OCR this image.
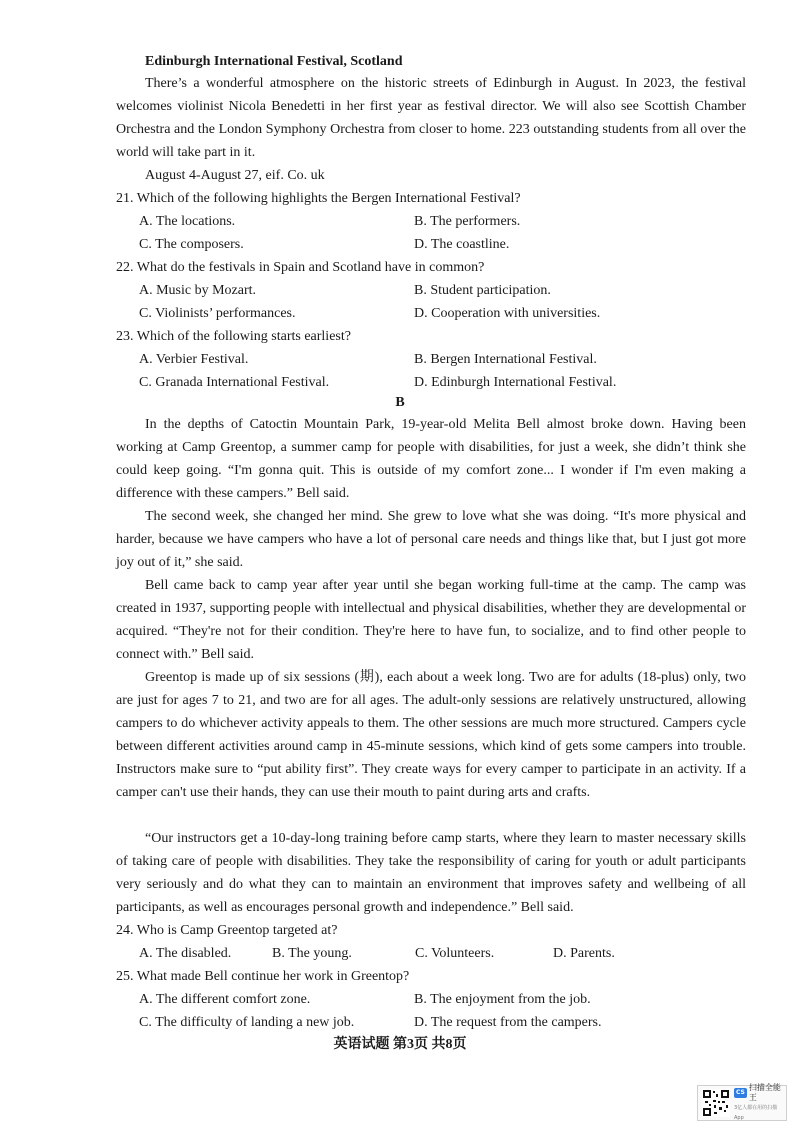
Edinburgh International Festival, Scotland
There’s a wonderful atmosphere on the historic streets of Edinburgh in August. In 2023, the festival welcomes violinist Nicola Benedetti in her first year as festival director. We will also see Scottish Chamber Orchestra and the London Symphony Orchestra from closer to home. 223 outstanding students from all over the world will take part in it.
August 4-August 27, eif. Co. uk
21. Which of the following highlights the Bergen International Festival?
A. The locations.	B. The performers.
C. The composers.	D. The coastline.
22. What do the festivals in Spain and Scotland have in common?
A. Music by Mozart.	B. Student participation.
C. Violinists’ performances.	D. Cooperation with universities.
23. Which of the following starts earliest?
A. Verbier Festival.	B. Bergen International Festival.
C. Granada International Festival.	D. Edinburgh International Festival.
B
In the depths of Catoctin Mountain Park, 19-year-old Melita Bell almost broke down. Having been working at Camp Greentop, a summer camp for people with disabilities, for just a week, she didn’t think she could keep going. “I'm gonna quit. This is outside of my comfort zone... I wonder if I'm even making a difference with these campers.” Bell said.
The second week, she changed her mind. She grew to love what she was doing. “It's more physical and harder, because we have campers who have a lot of personal care needs and things like that, but I just got more joy out of it,” she said.
Bell came back to camp year after year until she began working full-time at the camp. The camp was created in 1937, supporting people with intellectual and physical disabilities, whether they are developmental or acquired. “They're not for their condition. They're here to have fun, to socialize, and to find other people to connect with.” Bell said.
Greentop is made up of six sessions (期), each about a week long. Two are for adults (18-plus) only, two are just for ages 7 to 21, and two are for all ages. The adult-only sessions are relatively unstructured, allowing campers to do whichever activity appeals to them. The other sessions are much more structured. Campers cycle between different activities around camp in 45-minute sessions, which kind of gets some campers into trouble. Instructors make sure to “put ability first”. They create ways for every camper to participate in an activity. If a camper can't use their hands, they can use their mouth to paint during arts and crafts.
“Our instructors get a 10-day-long training before camp starts, where they learn to master necessary skills of taking care of people with disabilities. They take the responsibility of caring for youth or adult participants very seriously and do what they can to maintain an environment that improves safety and wellbeing of all participants, as well as encourages personal growth and independence.” Bell said.
24. Who is Camp Greentop targeted at?
A. The disabled.	B. The young.	C. Volunteers.	D. Parents.
25. What made Bell continue her work in Greentop?
A. The different comfort zone.	B. The enjoyment from the job.
C. The difficulty of landing a new job.	D. The request from the campers.
英语试题 第3页 共8页
CS
扫描全能王
3亿人都在用的扫描App
